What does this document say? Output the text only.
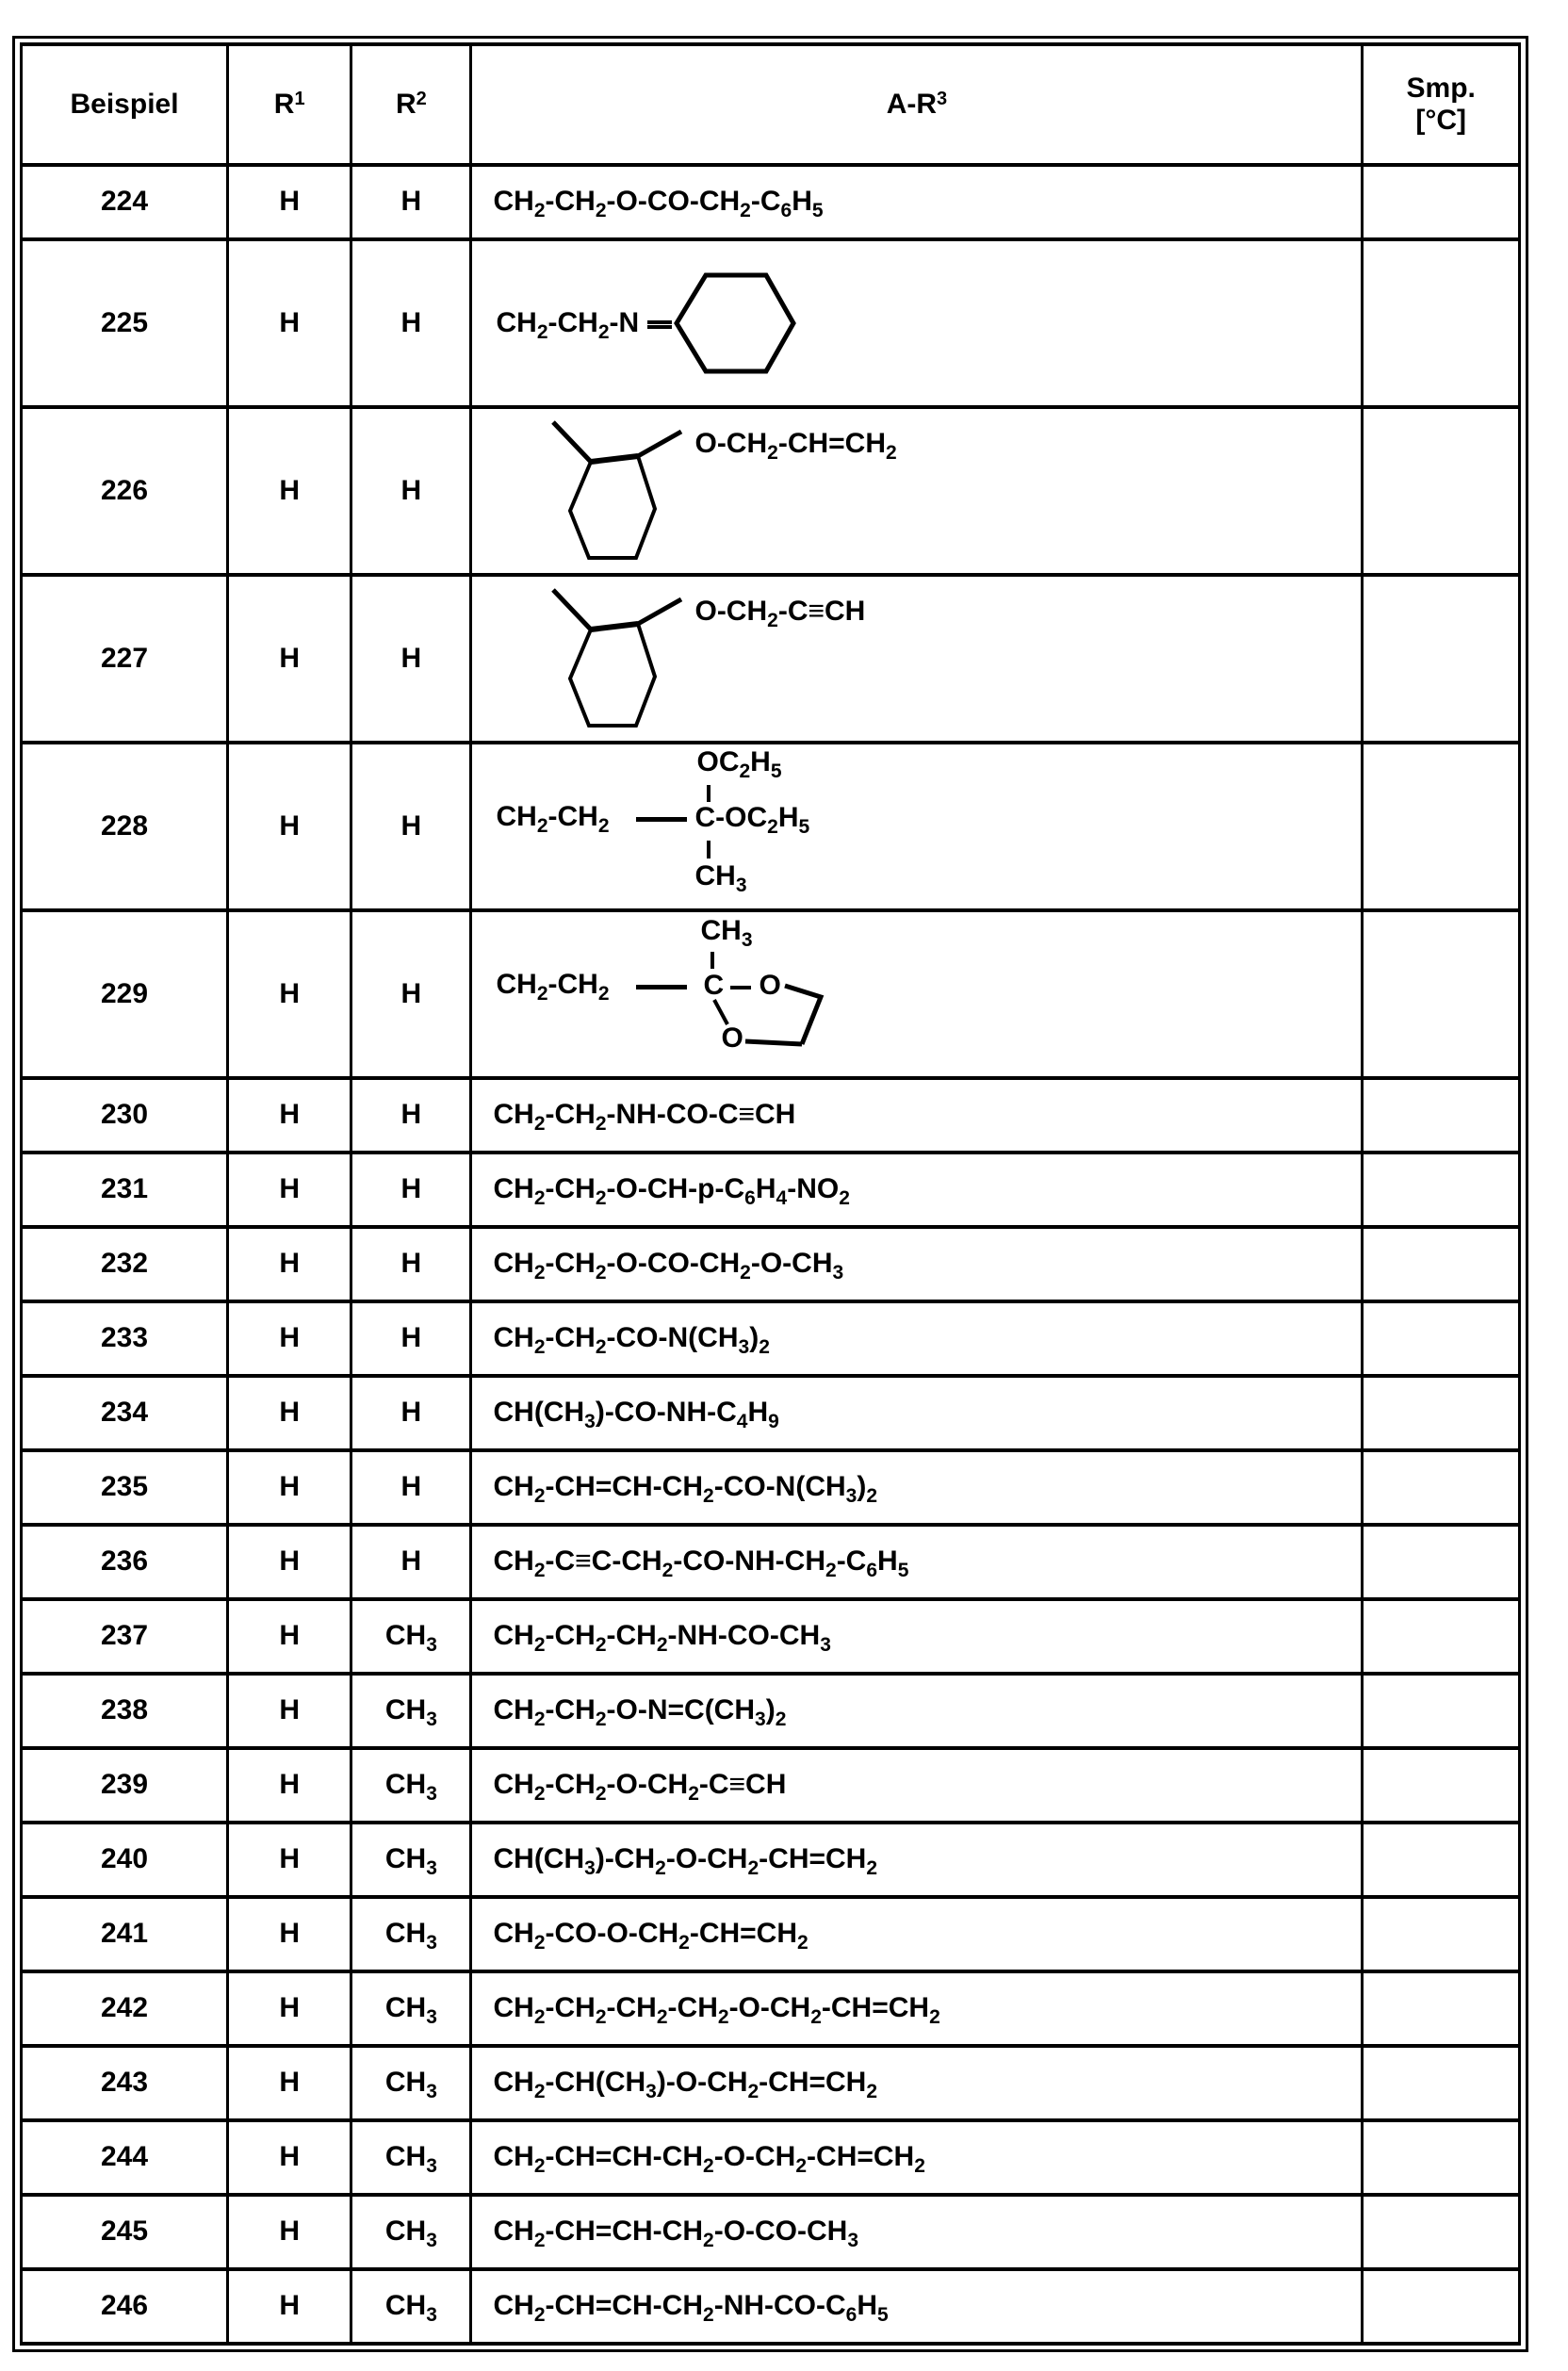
Beispiel	$R^1$	$R^2$	$A-R^3$	Smp.
[°C]

224	H	H	$CH_2-CH_2-O-CO-CH_2-C_6H_5$	
225	H	H	$CH_2-CH_2-N$	

226	H	H	$O-CH_2-CH=CH_2$

227	H	H	$O-CH_2-C\equiv CH$	

228	H	H	$CH_2-CH_2$
$OC_2H_5$
$C-OC_2H_5$
$CH_3$

229	H	H	$CH_2-CH_2$
$CH_3$
C O
O	

230	H	H	$CH_2-CH_2-NH-CO-C\equiv CH$	
231	H	H	$CH_2-CH_2-O-CH-p-C_6H_4-NO_2$	
232	H	H	$CH_2-CH_2-O-CO-CH_2-O-CH_3$	
233	H	H	$CH_2-CH_2-CO-N(CH_3)_2$	
234	H	H	$CH(CH_3)-CO-NH-C_4H_9$	
235	H	H	$CH_2-CH=CH-CH_2-CO-N(CH_3)_2$	
236	H	H	$CH_2-C\equiv C-CH_2-CO-NH-CH_2-C_6H_5$	
237	H	$CH_3$	$CH_2-CH_2-CH_2-NH-CO-CH_3$	
238	H	$CH_3$	$CH_2-CH_2-O-N=C(CH_3)_2$	
239	H	$CH_3$	$CH_2-CH_2-O-CH_2-C\equiv CH$	
240	H	$CH_3$	$CH(CH_3)-CH_2-O-CH_2-CH=CH_2$	
241	H	$CH_3$	$CH_2-CO-O-CH_2-CH=CH_2$	
242	H	$CH_3$	$CH_2-CH_2-CH_2-CH_2-O-CH_2-CH=CH_2$	
243	H	$CH_3$	$CH_2-CH(CH_3)-O-CH_2-CH=CH_2$	
244	H	$CH_3$	$CH_2-CH=CH-CH_2-O-CH_2-CH=CH_2$	
245	H	$CH_3$	$CH_2-CH=CH-CH_2-O-CO-CH_3$	
246	H	$CH_3$	$CH_2-CH=CH-CH_2-NH-CO-C_6H_5$	
